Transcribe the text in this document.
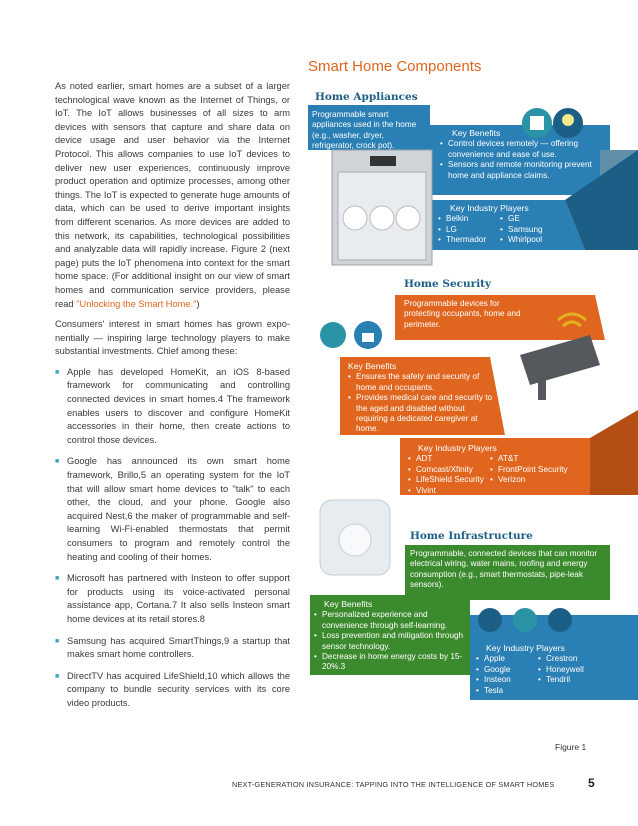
As noted earlier, smart homes are a subset of a larger technological wave known as the Internet of Things, or IoT. The IoT allows businesses of all sizes to arm devices with sensors that capture and share data on device usage and user behavior via the Internet Protocol. This allows companies to use IoT devices to deliver new user experiences, continuously improve product operation and optimize processes, among other things. The IoT is expected to generate huge amounts of data, which can be used to derive important insights from different scenarios. As more devices are added to this network, its capabilities, technological possibilities and analyzable data will rapidly increase. Figure 2 (next page) puts the IoT phenomena into context for the smart home space. (For additional insight on our view of smart homes and communication service providers, please read "Unlocking the Smart Home.")

Consumers' interest in smart homes has grown expo-nentially — inspiring large technology players to make substantial investments. Chief among these:

■ Apple has developed HomeKit, an iOS 8-based framework for communicating and controlling connected devices in smart homes.4 The framework enables users to discover and configure HomeKit accessories in their home, then create actions to control those devices.
■ Google has announced its own smart home framework, Brillo,5 an operating system for the IoT that will allow smart home devices to "talk" to each other, the cloud, and your phone. Google also acquired Nest,6 the maker of programmable and self-learning Wi-Fi-enabled thermostats that permit consumers to program and remotely control the heating and cooling of their homes.
■ Microsoft has partnered with Insteon to offer support for products using its voice-activated personal assistance app, Cortana.7 It also sells Insteon smart home devices at its retail stores.8
■ Samsung has acquired SmartThings,9 a startup that makes smart home controllers.
■ DirectTV has acquired LifeShield,10 which allows the company to bundle security services with its core video products.
Smart Home Components
Home Appliances
Programmable smart appliances used in the home (e.g., washer, dryer, refrigerator, crock pot).
Key Benefits
• Control devices remotely — offering convenience and ease of use.
• Sensors and remote monitoring prevent home and appliance claims.
Key Industry Players
• Belkin	• GE
• LG	• Samsung
• Thermador	• Whirlpool
Home Security
Programmable devices for protecting occupants, home and perimeter.
Key Benefits
• Ensures the safety and security of home and occupants.
• Provides medical care and security to the aged and disabled without requiring a dedicated caregiver at home.
Key Industry Players
• ADT	• AT&T
• Comcast/Xfinity	• FrontPoint Security
• LifeShield Security	• Verizon
• Vivint
Home Infrastructure
Programmable, connected devices that can monitor electrical wiring, water mains, roofing and energy consumption (e.g., smart thermostats, pipe-leak sensors).
Key Benefits
• Personalized experience and convenience through self-learning.
• Loss prevention and mitigation through sensor technology.
• Decrease in home energy costs by 15-20%.3
Key Industry Players
• Apple	• Crestron
• Google	• Honeywell
• Insteon	• Tendril
• Tesla
Figure 1
NEXT-GENERATION INSURANCE: TAPPING INTO THE INTELLIGENCE OF SMART HOMES	5
